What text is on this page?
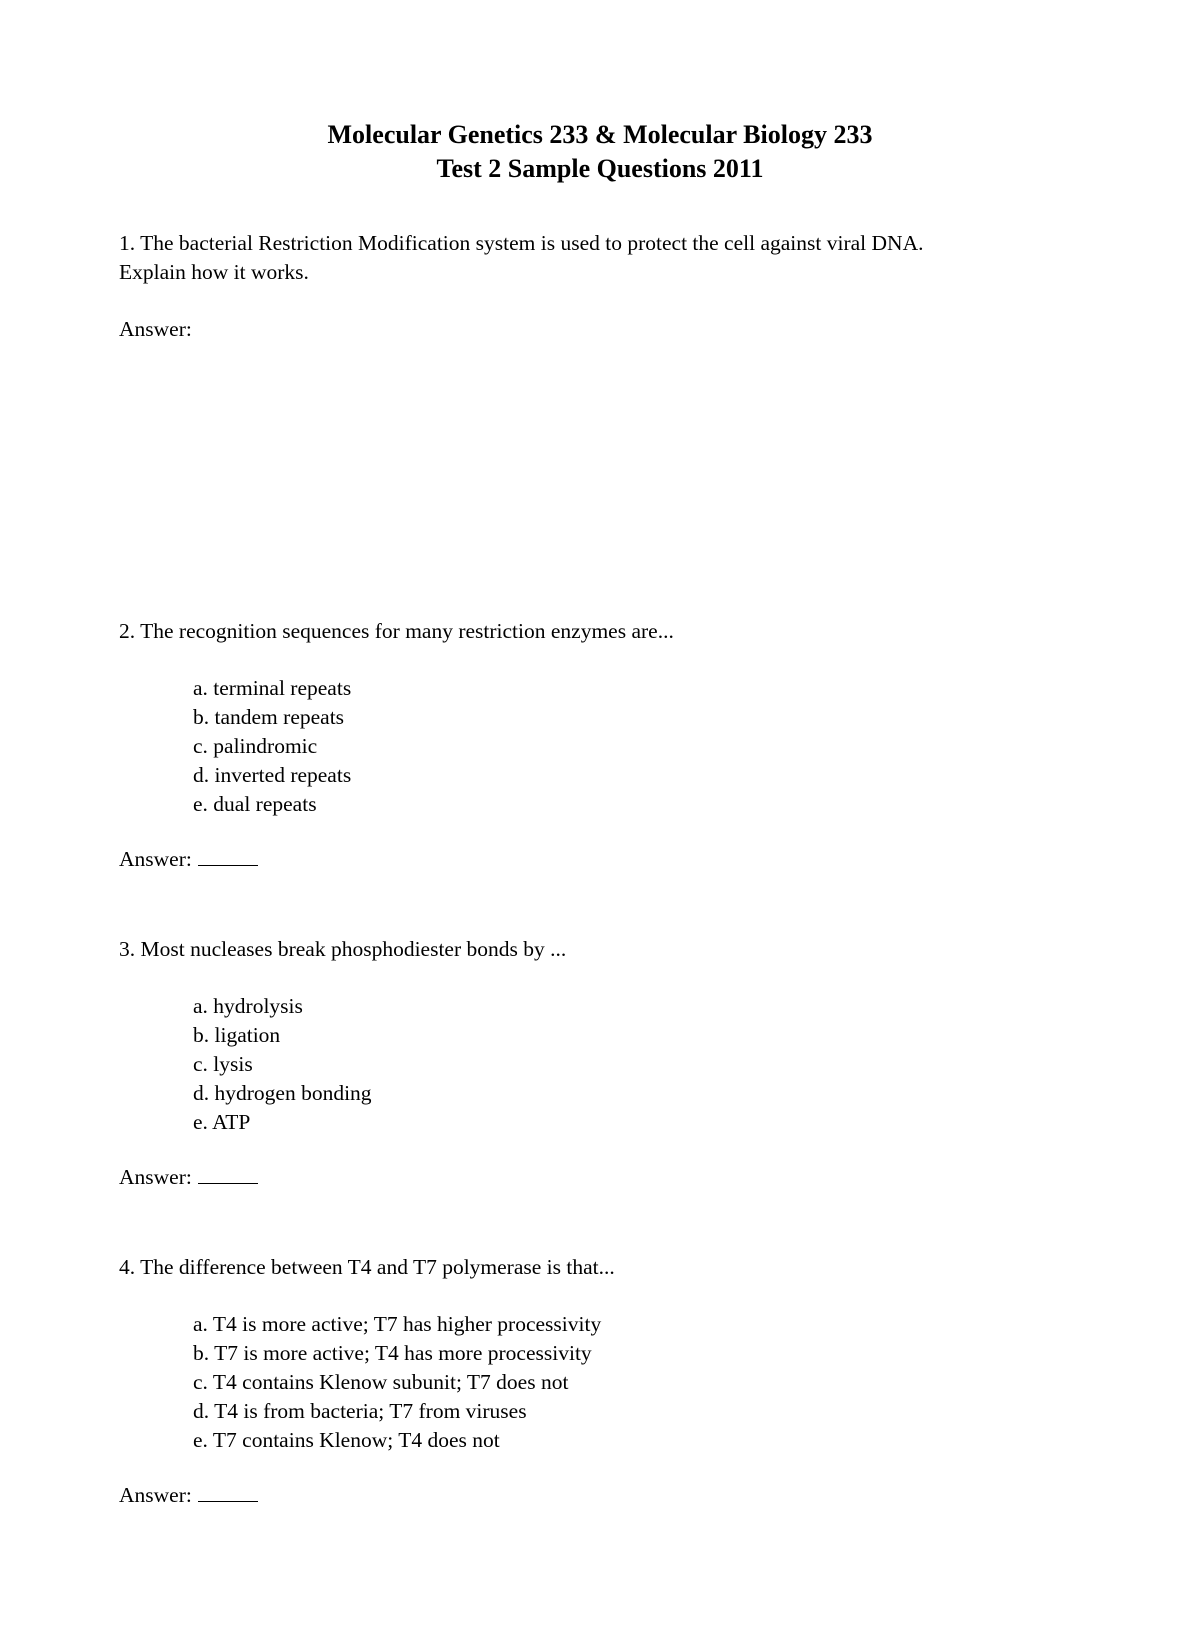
Molecular Genetics 233 & Molecular Biology 233
Test 2 Sample Questions 2011

1. The bacterial Restriction Modification system is used to protect the cell against viral DNA.

Explain how it works.

Answer:

2. The recognition sequences for many restriction enzymes are...

a. terminal repeats
b. tandem repeats
c. palindromic
d. inverted repeats
e. dual repeats

Answer:

3. Most nucleases break phosphodiester bonds by ...

a. hydrolysis
b. ligation
c. lysis
d. hydrogen bonding
e. ATP

Answer:

4. The difference between T4 and T7 polymerase is that...

a. T4 is more active; T7 has higher processivity
b. T7 is more active; T4 has more processivity
c. T4 contains Klenow subunit; T7 does not
d. T4 is from bacteria; T7 from viruses
e. T7 contains Klenow; T4 does not

Answer:
